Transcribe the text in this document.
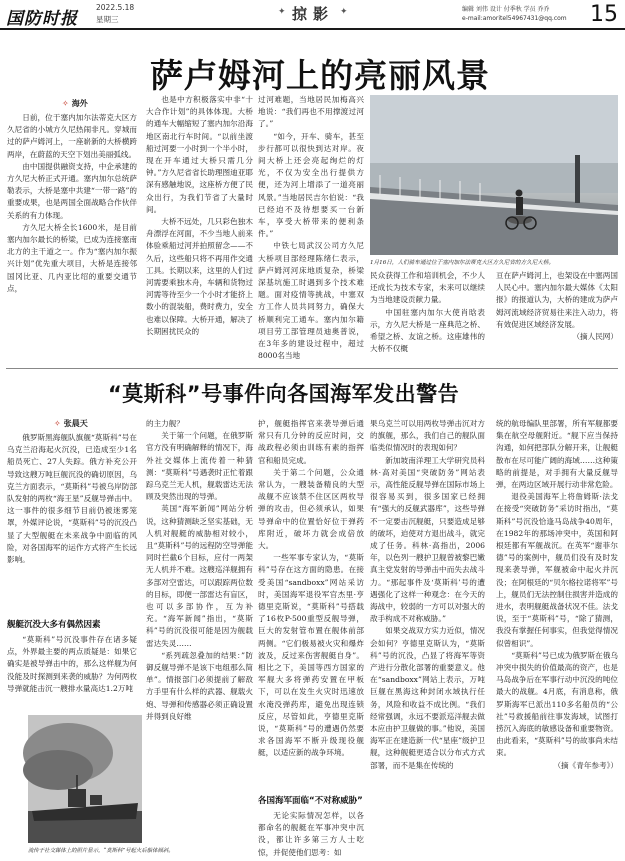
国防时报
2022.5.18
星期三
✦ 掠影 ✦	编辑 刘伟 设计 付季秋 学员 乔乔
e-mail:amoritel54967431@qq.com 15
萨卢姆河上的亮丽风景
✧ 海外

日前，位于塞内加尔法蒂克大区方久尼省的小城方久尼热闹非凡。穿城而过的萨卢姆河上，一座崭新的大桥横跨两岸，在蔚蓝的天空下划出美丽弧线。

由中国提供融资支持，中企承建的方久尼大桥正式开通。塞内加尔总统萨勒表示，大桥是塞中共建“一带一路”的重要成果，也是两国全面战略合作伙伴关系的有力体现。

方久尼大桥全长1600米，是目前塞内加尔最长的桥梁，已成为连接塞南北方的主干道之一。作为“塞内加尔振兴计划”优先重大项目，大桥是连接邻国冈比亚、几内亚比绍的重要交通节点，

也是中方积极落实中非“十大合作计划”的具体体现。大桥的通车大幅缩短了塞内加尔沿海地区南北行车时间。“以前坐渡船过河要一小时到一个半小时，现在开车通过大桥只需几分钟。”方久尼省省长助理图迪亚耶深有感触地说，这座桥方便了民众出行，为我们节省了大量时间。

大桥不远处，几只彩色独木舟漂浮在河面，不少当地人前来体验乘船过河并拍照留念——不久后，这些船只将不再用作交通工具。长期以来，这里的人们过河需要乘独木舟，车辆和货物过河需等待至少一个小时才能挤上数小的混装船，费时费力，安全也难以保障。大桥开通，解决了长期困扰民众的

过河难题，当地居民加梅高兴地说：“我们再也不用撑渡过河了。”

“如今，开车、骑车，甚至步行都可以很快到达对岸。夜间大桥上还会亮起绚烂的灯光，不仅为安全出行提供方便，还为河上增添了一道亮丽风景。”当地居民吉尔伯说：“我已经迫不及待想要买一台新车，享受大桥带来的便利条件。”

中铁七局武汉公司方久尼大桥项目部经理陈绪仁表示，萨卢姆河河床地质复杂，桥梁深基坑施工时遇到多个技术难题。面对疫情等挑战，中塞双方工作人员共同努力，确保大桥顺利完工通车。塞内加尔籍项目劳工部管理员迪奥普说，在3年多的建设过程中，超过8000名当地

1月16日，人们骑车通过位于塞内加尔法蒂克大区方久尼省的方久尼大桥。

民众获得工作和培训机会，不少人还成长为技术专家，未来可以继续为当地建设贡献力量。

中国驻塞内加尔大使肖晗表示，方久尼大桥是一座典范之桥、希望之桥、友谊之桥。这座雄伟的大桥不仅概

亘在萨卢姆河上，也架设在中塞两国人民心中。塞内加尔最大媒体《太阳报》的报道认为，大桥的建成为萨卢姆河流域经济贸易往来注入动力，将有效促进区域经济发展。

（摘人民网）

“莫斯科”号事件向各国海军发出警告
✧ 张晨天

俄罗斯黑海舰队旗舰“莫斯科”号在乌克兰沿海起火沉没，已造成至少1名船员死亡、27人失踪。俄方补充公开导致这艘万吨巨舰沉没的确切原因，乌克兰方面表示，“莫斯科”号被乌岸防部队发射的两枚“海王星”反舰导弹击中。这一事件的很多细节目前仍被迷雾笼罩，外媒评论说，“莫斯科”号的沉没凸显了大型舰艇在未来战争中面临的风险，对各国海军的运作方式将产生长远影响。

舰艇沉没大多有偶然因素

“莫斯科”号沉没事件存在诸多疑点，外界最主要的两点质疑是：如果它确实是被导弹击中的，那么这样舰为何没能及时探测到来袭的威胁？为何两枚导弹就能击沉一艘排水量高达1.2万吨

流传于社交媒体上的照片显示，“莫斯科”号起火后船体倾斜。

的主力舰？

关于第一个问题，在俄罗斯官方没有明确解释的情况下，海外社交媒体上流传着一种猜测：“莫斯科”号遇袭时正忙着跟踪乌克兰无人机，舰载雷达无法顾及突然出现的导弹。

英国“海军新闻”网站分析说，这种猜测缺乏坚实基础，无人机对舰艇的威胁相对较小，且“莫斯科”号的远程防空导弹能同时拦截6个目标，应付一两架无人机并不难。这艘巡洋舰拥有多部对空雷达，可以跟踪两位数的目标，即便一部雷达有盲区，也可以多部协作，互为补充。“海军新闻”指出，“莫斯科”号的沉没很可能是因为舰载雷达失灵……

“系列疏忽叠加的结果：”防御反舰导弹不是该下电组那么简单”。情报部门必须提前了解敌方手里有什么样的武器、舰载火炮、导弹和传感器必须正确设置并得到良好维

护，舰艇指挥官来袭导弹后通常只有几分钟的反应时间，交战政程必须由训练有素的指挥官和船员完成。

关于第二个问题，公众通常认为，一艘装备精良的大型战舰不应该禁不住区区两枚导弹的攻击，但必须承认，如果导弹命中的位置恰好位于弹药库附近，破坏力就会成倍放大。

一些军事专家认为，“莫斯科”号存在这方面的隐患。在接受美国“sandboxx”网站采访时，美国海军退役军官杰里·亨德里克斯说，“莫斯科”号搭载了16枚P-500重型反舰导弹，巨大的发射管布置在舰体前部两侧。“它们极易被火灾和爆炸波及，反过来伤害舰艇自身”。相比之下，美国等西方国家的军舰大多将弹药安置在甲板下，可以在发生火灾时迅速放水淹没弹药库，避免出现连锁反应，尽管如此，亨德里克斯说，“莫斯科”号的遭遇仍然要求各国海军不断升级现役舰艇，以适应新的战争环境。

各国海军面临“不对称威胁”

无论实际情况怎样，以各都命名的舰艇在军事冲突中沉没，都让许多第三方人士吃惊，并促使他们思考：如

果乌克兰可以用两枚导弹击沉对方的旗舰，那么，我们自己的舰队面临类似情况时的表现如何？

新加坡南洋理工大学研究员科林·高对美国“突破防务”网站表示，高性能反舰导弹在国际市场上很容易买到，很多国家已经拥有“强大的反舰武器库”，这些导弹不一定要击沉舰艇，只要造成足够的破坏，迫使对方退出战斗，就完成了任务。科林·高指出，2006年，以色列一艘护卫舰曾被黎巴嫩真主党发射的导弹击中而失去战斗力。“那起事件及‘莫斯科’号的遭遇强化了这样一种观念：在今天的海战中，较弱的一方可以对强大的敌手构成不对称威胁。”

如果交战双方实力近似，情况会如何？亨德里克斯认为，“莫斯科”号的沉没，凸显了将海军等资产进行分散化部署的重要意义。他在“sandboxx”网站上表示，万吨巨舰在黑海这种封闭水域执行任务，风险和收益不成比例。“我们经常强调，永远不要派巡洋舰去做本应由护卫舰做的事。”他说，美国海军正在建造新一代“星座”级护卫舰，这种舰艇更适合以分布式方式部署，而不是集在传统的

统的航母编队里部署，所有军舰都要集在航空母舰附近。“舰下应当保持沟通，如何把部队分解开来，让舰艇散布在尽可能广阔的海域……这种策略的前提是，对手拥有大量反舰导弹，在两边区域开展行动非常危险。

退役美国海军上将詹姆斯·法戈在接受“突破防务”采访时指出，“莫斯科”号沉没恰逢马岛战争40周年，在1982年的那场冲突中，英国和阿根廷都有军舰战沉。在英军“谢菲尔德”号的案例中，舰员们没有及时发现来袭导弹，军舰被命中起火并沉没；在阿根廷的“贝尔格拉诺将军”号上，舰员们无法控制住损害并造成的进水，表明舰艇战备状况不佳。法戈说，至于“莫斯科”号，“除了猜测，我没有掌握任何事实，但我觉得情况似曾相识”。

“莫斯科”号已成为俄罗斯在俄乌冲突中损失的价值最高的资产，也是马岛战争后在军事行动中沉没的吨位最大的战舰。4月底，有消息称，俄罗斯海军已派出110多名船员的“公社”号救援船前往事发海域，试图打捞沉入海底的敏感设备和重要物资。由此看来，“莫斯科”号的故事尚未结束。

（摘《青年参考》）
